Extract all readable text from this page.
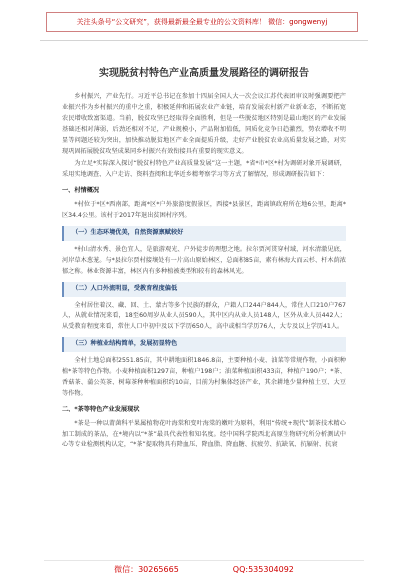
关注头条号“公文研究”，获得最新最全最专业的公文资料库！ 微信：gongwenyj
实现脱贫村特色产业高质量发展路径的调研报告

乡村振兴，产业先行。习近平总书记在参加十四届全国人大一次会议江苏代表团审议时强调要把产业振兴作为乡村振兴的重中之重，积极延伸和拓展农业产业链，培育发展农村新产业新业态，不断拓宽农民增收致富渠道。当前，脱贫攻坚已经取得全面胜利，但是一些脱贫地区特别是最山地区的产业发展基础还相对薄弱，后劲还相对不足，产业规模小，产品附加值低，同质化竞争日趋激烈，势农增收不明显等问题还较为突出，加快推动脱贫地区产业全面提质升级，走好产业脱贫农业高质量发展之路，对实现巩固拓展脱贫攻坚成果同乡村振兴有效衔接具有重要的现实意义。

为立足*实际深入探讨“脱贫村特色产业高质量发展”这一主题，*省*市*区*村为调研对象开展调研，采用实地调查、入户走访、资料查阅和北华近乡精考察学习等方式了解情况，形成调研报告如下：

一、村情概况

*村位于*区*西南部，距离*区*户外旅游度假景区，西接*县景区，距离镇政府所在地6公里，距离*区34.4公里。该村于2017年退出贫困村序列。

（一）生态环境优美，自然资源禀赋较好

*村山清水秀、景色宜人，是旅游观光、户外徒步的理想之地。拉尔贾河贯穿村域，河水清澈见底，河岸草木葱茏。与*县拉尔贾村接壤处有一片高山原始林区，总面积85亩，素有林海大而云杉、杆木荫浓郁之称。林业资源丰富，林区内有多种植被类型和较有的森林风光。

（二）人口外流明显，受教育程度偏低

全村居住着汉、藏、回、土、蒙古等多个民族的群众，户籍人口244户844人，常住人口210户767人，从就业情况来看，18至60周岁从业人员590人，其中区内从业人员148人，区外从业人员442人；从受教育程度来看，常住人口中初中及以下学历650人，高中或相当学历76人，大专及以上学历41人。

（三）种植业结构简单，发展初显特色

全村土地总面积2551.85亩，其中耕地面积1846.8亩，主要种植小麦、油菜等常规作物，小面积种植*茶等特色作物。小麦种植面积1297亩，种植户198户；油菜种植面积433亩，种植户190户；*茶、香菇茶、蒲公英茶、树莓茶种种植面积约10亩，目前为村集体经济产业，其余耕地少量种植土豆、大豆等作物。

二、*茶等特色产业发展现状

*茶是一种以莆菌科平果属植物花叶海棠和变叶海棠的嫩叶为原料，利用“传统+现代”制茶技术精心加工制成的茶品，在*境内以“*茶”最具代表性和知名度。经中国科学院西北高原生物研究所分析测试中心等专业检测机构认定，“*茶”提取物具有降血压、降血脂、降血糖、抗疲劳、抗缺氧、抗辐射、抗衰

微信：30265665	QQ:535304092
